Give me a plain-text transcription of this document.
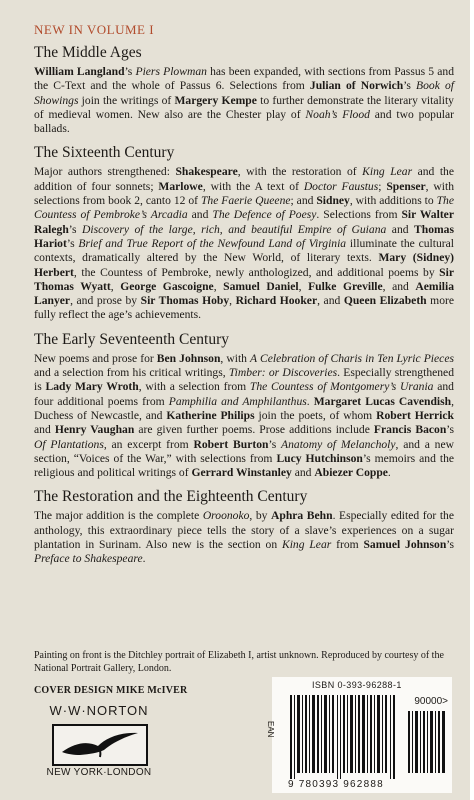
NEW IN VOLUME I
The Middle Ages

William Langland’s Piers Plowman has been expanded, with sections from Passus 5 and the C-Text and the whole of Passus 6. Selections from Julian of Norwich’s Book of Showings join the writings of Margery Kempe to further demonstrate the literary vitality of medieval women. New also are the Chester play of Noah’s Flood and two popular ballads.

The Sixteenth Century

Major authors strengthened: Shakespeare, with the restoration of King Lear and the addition of four sonnets; Marlowe, with the A text of Doctor Faustus; Spenser, with selections from book 2, canto 12 of The Faerie Queene; and Sidney, with additions to The Countess of Pembroke’s Arcadia and The Defence of Poesy. Selections from Sir Walter Ralegh’s Discovery of the large, rich, and beautiful Empire of Guiana and Thomas Hariot’s Brief and True Report of the Newfound Land of Virginia illuminate the cultural contexts, dramatically altered by the New World, of literary texts. Mary (Sidney) Herbert, the Countess of Pembroke, newly anthologized, and additional poems by Sir Thomas Wyatt, George Gascoigne, Samuel Daniel, Fulke Greville, and Aemilia Lanyer, and prose by Sir Thomas Hoby, Richard Hooker, and Queen Elizabeth more fully reflect the age’s achievements.

The Early Seventeenth Century

New poems and prose for Ben Johnson, with A Celebration of Charis in Ten Lyric Pieces and a selection from his critical writings, Timber: or Discoveries. Especially strengthened is Lady Mary Wroth, with a selection from The Countess of Montgomery’s Urania and four additional poems from Pamphilia and Amphilanthus. Margaret Lucas Cavendish, Duchess of Newcastle, and Katherine Philips join the poets, of whom Robert Herrick and Henry Vaughan are given further poems. Prose additions include Francis Bacon’s Of Plantations, an excerpt from Robert Burton’s Anatomy of Melancholy, and a new section, “Voices of the War,” with selections from Lucy Hutchinson’s memoirs and the religious and political writings of Gerrard Winstanley and Abiezer Coppe.

The Restoration and the Eighteenth Century

The major addition is the complete Oroonoko, by Aphra Behn. Especially edited for the anthology, this extraordinary piece tells the story of a slave’s experiences on a sugar plantation in Surinam. Also new is the section on King Lear from Samuel Johnson’s Preface to Shakespeare.

Painting on front is the Ditchley portrait of Elizabeth I, artist unknown. Reproduced by courtesy of the National Portrait Gallery, London.
COVER DESIGN MIKE McIVER
W·W·NORTON
NEW YORK·LONDON
ISBN 0-393-96288-1
90000>
EAN
9 780393 962888
